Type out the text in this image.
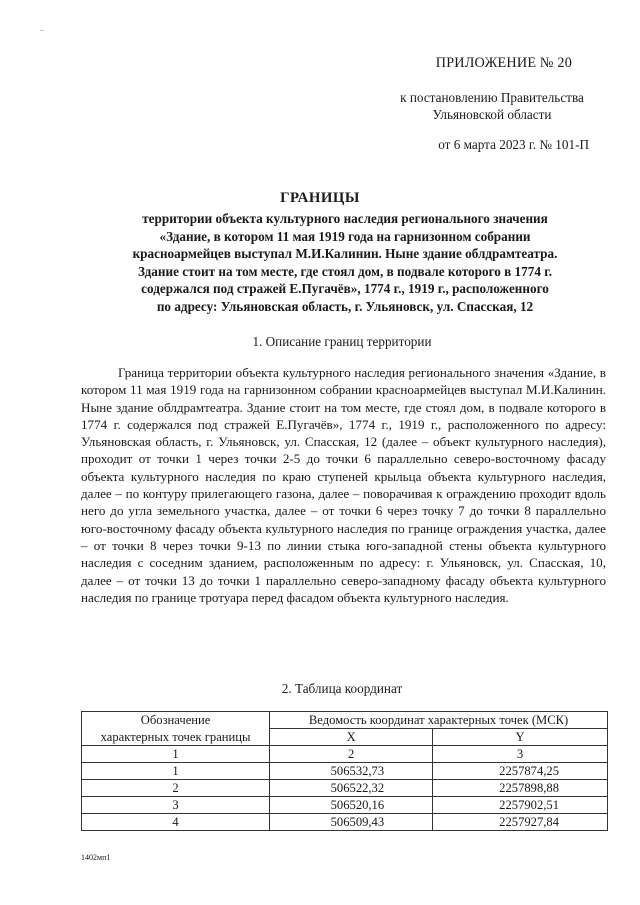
..
ПРИЛОЖЕНИЕ № 20
к постановлению Правительства
Ульяновской области
от 6 марта 2023 г. № 101-П
ГРАНИЦЫ
территории объекта культурного наследия регионального значения
«Здание, в котором 11 мая 1919 года на гарнизонном собрании
красноармейцев выступал М.И.Калинин. Ныне здание облдрамтеатра.
Здание стоит на том месте, где стоял дом, в подвале которого в 1774 г.
содержался под стражей Е.Пугачёв», 1774 г., 1919 г., расположенного
по адресу: Ульяновская область, г. Ульяновск, ул. Спасская, 12
1. Описание границ территории

Граница территории объекта культурного наследия регионального значения «Здание, в котором 11 мая 1919 года на гарнизонном собрании красноармейцев выступал М.И.Калинин. Ныне здание облдрамтеатра. Здание стоит на том месте, где стоял дом, в подвале которого в 1774 г. содержался под стражей Е.Пугачёв», 1774 г., 1919 г., расположенного по адресу: Ульяновская область, г. Ульяновск, ул. Спасская, 12 (далее – объект культурного наследия), проходит от точки 1 через точки 2-5 до точки 6 параллельно северо-восточному фасаду объекта культурного наследия по краю ступеней крыльца объекта культурного наследия, далее – по контуру прилегающего газона, далее – поворачивая к ограждению проходит вдоль него до угла земельного участка, далее – от точки 6 через точку 7 до точки 8 параллельно юго-восточному фасаду объекта культурного наследия по границе ограждения участка, далее – от точки 8 через точки 9-13 по линии стыка юго-западной стены объекта культурного наследия с соседним зданием, расположенным по адресу: г. Ульяновск, ул. Спасская, 10, далее – от точки 13 до точки 1 параллельно северо-западному фасаду объекта культурного наследия по границе тротуара перед фасадом объекта культурного наследия.

2. Таблица координат
Обозначение	Ведомость координат характерных точек (МСК)	
характерных точек границы	X	Y
1	2	3
1	506532,73	2257874,25
2	506522,32	2257898,88
3	506520,16	2257902,51
4	506509,43	2257927,84
1402мп1
